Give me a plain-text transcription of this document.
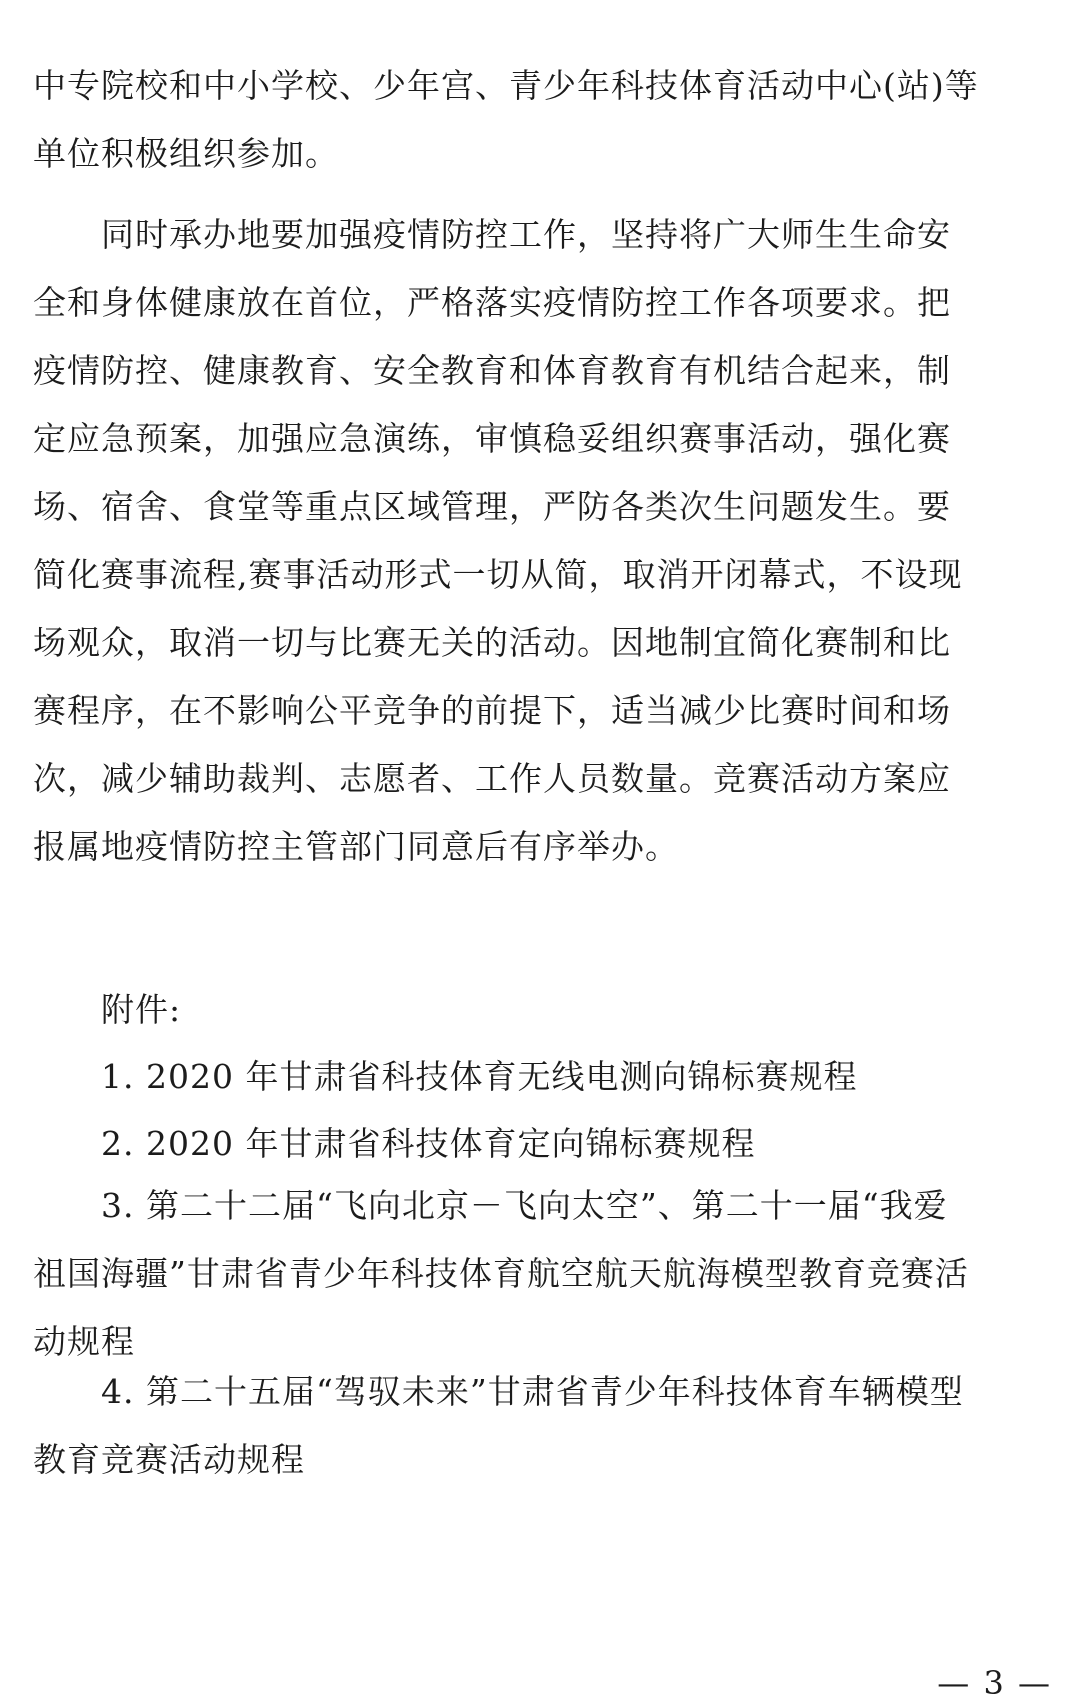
中专院校和中小学校、少年宫、青少年科技体育活动中心(站)等
单位积极组织参加。
同时承办地要加强疫情防控工作，坚持将广大师生生命安
全和身体健康放在首位，严格落实疫情防控工作各项要求。把
疫情防控、健康教育、安全教育和体育教育有机结合起来，制
定应急预案，加强应急演练，审慎稳妥组织赛事活动，强化赛
场、宿舍、食堂等重点区域管理，严防各类次生问题发生。要
简化赛事流程,赛事活动形式一切从简，取消开闭幕式，不设现
场观众，取消一切与比赛无关的活动。因地制宜简化赛制和比
赛程序，在不影响公平竞争的前提下，适当减少比赛时间和场
次，减少辅助裁判、志愿者、工作人员数量。竞赛活动方案应
报属地疫情防控主管部门同意后有序举办。
附件:
1. 2020 年甘肃省科技体育无线电测向锦标赛规程
2. 2020 年甘肃省科技体育定向锦标赛规程
3. 第二十二届“飞向北京－飞向太空”、第二十一届“我爱
祖国海疆”甘肃省青少年科技体育航空航天航海模型教育竞赛活
动规程
4. 第二十五届“驾驭未来”甘肃省青少年科技体育车辆模型
教育竞赛活动规程
— 3 —
